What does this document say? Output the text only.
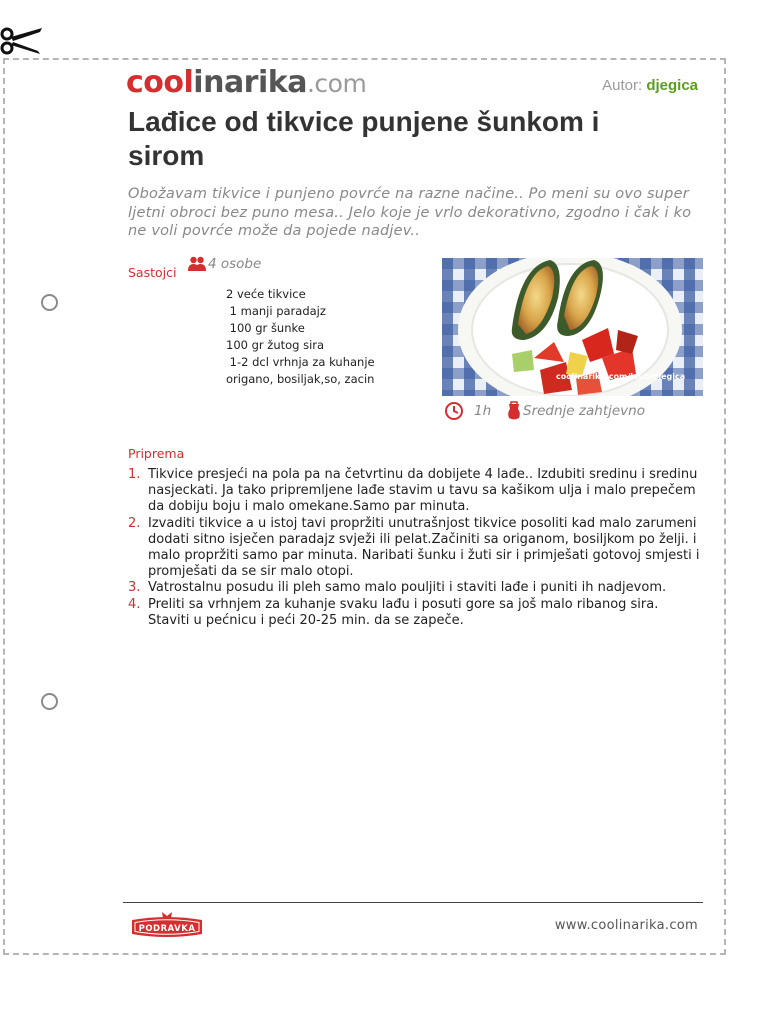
coolinarika.com	Autor: djegica
Lađice od tikvice punjene šunkom i sirom
Obožavam tikvice i punjeno povrće na razne načine.. Po meni su ovo super ljetni obroci bez puno mesa.. Jelo koje je vrlo dekorativno, zgodno i čak i ko ne voli povrće može da pojede nadjev..
Sastojci
4 osobe
2 veće tikvice
1 manji paradajz
100 gr šunke
100 gr žutog sira
1-2 dcl vrhnja za kuhanje
origano, bosiljak,so, zacin	coolinarika.com/klub/djegica
1h	Srednje zahtjevno
Priprema
1. Tikvice presjeći na pola pa na četvrtinu da dobijete 4 lađe.. Izdubiti sredinu i sredinu nasjeckati. Ja tako pripremljene lađe stavim u tavu sa kašikom ulja i malo prepečem da dobiju boju i malo omekane.Samo par minuta.
2. Izvaditi tikvice a u istoj tavi propržiti unutrašnjost tikvice posoliti kad malo zarumeni dodati sitno isječen paradajz svježi ili pelat.Začiniti sa origanom, bosiljkom po želji. i malo propržiti samo par minuta. Naribati šunku i žuti sir i primješati gotovoj smjesti i promješati da se sir malo otopi.
3. Vatrostalnu posudu ili pleh samo malo pouljiti i staviti lađe i puniti ih nadjevom.
4. Preliti sa vrhnjem za kuhanje svaku lađu i posuti gore sa još malo ribanog sira. Staviti u pećnicu i peći 20-25 min. da se zapeče.
PODRAVKA	www.coolinarika.com
